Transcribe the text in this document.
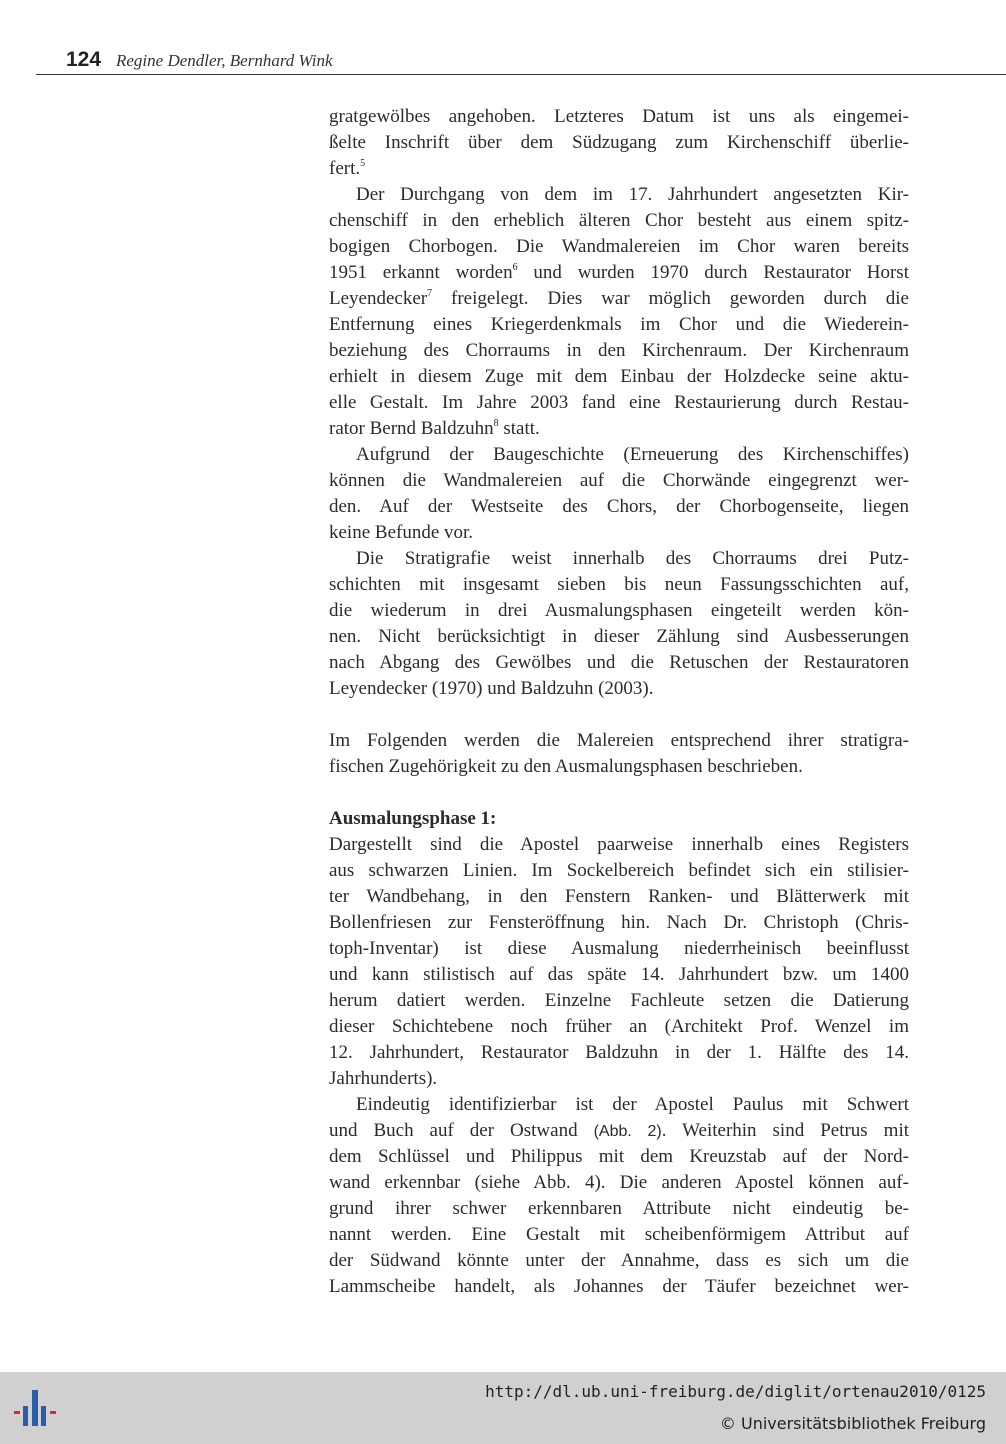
124 Regine Dendler, Bernhard Wink
gratgewölbes angehoben. Letzteres Datum ist uns als eingemei-
ßelte Inschrift über dem Südzugang zum Kirchenschiff überlie-
fert.$^5$
Der Durchgang von dem im 17. Jahrhundert angesetzten Kir-
chenschiff in den erheblich älteren Chor besteht aus einem spitz-
bogigen Chorbogen. Die Wandmalereien im Chor waren bereits
1951 erkannt worden$^6$ und wurden 1970 durch Restaurator Horst
Leyendecker$^7$ freigelegt. Dies war möglich geworden durch die
Entfernung eines Kriegerdenkmals im Chor und die Wiederein-
beziehung des Chorraums in den Kirchenraum. Der Kirchenraum
erhielt in diesem Zuge mit dem Einbau der Holzdecke seine aktu-
elle Gestalt. Im Jahre 2003 fand eine Restaurierung durch Restau-
rator Bernd Baldzuhn$^8$ statt.
Aufgrund der Baugeschichte (Erneuerung des Kirchenschiffes)
können die Wandmalereien auf die Chorwände eingegrenzt wer-
den. Auf der Westseite des Chors, der Chorbogenseite, liegen
keine Befunde vor.
Die Stratigrafie weist innerhalb des Chorraums drei Putz-
schichten mit insgesamt sieben bis neun Fassungsschichten auf,
die wiederum in drei Ausmalungsphasen eingeteilt werden kön-
nen. Nicht berücksichtigt in dieser Zählung sind Ausbesserungen
nach Abgang des Gewölbes und die Retuschen der Restauratoren
Leyendecker (1970) und Baldzuhn (2003).
Im Folgenden werden die Malereien entsprechend ihrer stratigra-
fischen Zugehörigkeit zu den Ausmalungsphasen beschrieben.
Ausmalungsphase 1:
Dargestellt sind die Apostel paarweise innerhalb eines Registers
aus schwarzen Linien. Im Sockelbereich befindet sich ein stilisier-
ter Wandbehang, in den Fenstern Ranken- und Blätterwerk mit
Bollenfriesen zur Fensteröffnung hin. Nach Dr. Christoph (Chris-
toph-Inventar) ist diese Ausmalung niederrheinisch beeinflusst
und kann stilistisch auf das späte 14. Jahrhundert bzw. um 1400
herum datiert werden. Einzelne Fachleute setzen die Datierung
dieser Schichtebene noch früher an (Architekt Prof. Wenzel im
12. Jahrhundert, Restaurator Baldzuhn in der 1. Hälfte des 14.
Jahrhunderts).
Eindeutig identifizierbar ist der Apostel Paulus mit Schwert
und Buch auf der Ostwand (Abb. 2). Weiterhin sind Petrus mit
dem Schlüssel und Philippus mit dem Kreuzstab auf der Nord-
wand erkennbar (siehe Abb. 4). Die anderen Apostel können auf-
grund ihrer schwer erkennbaren Attribute nicht eindeutig be-
nannt werden. Eine Gestalt mit scheibenförmigem Attribut auf
der Südwand könnte unter der Annahme, dass es sich um die
Lammscheibe handelt, als Johannes der Täufer bezeichnet wer-
http://dl.ub.uni-freiburg.de/diglit/ortenau2010/0125
© Universitätsbibliothek Freiburg
